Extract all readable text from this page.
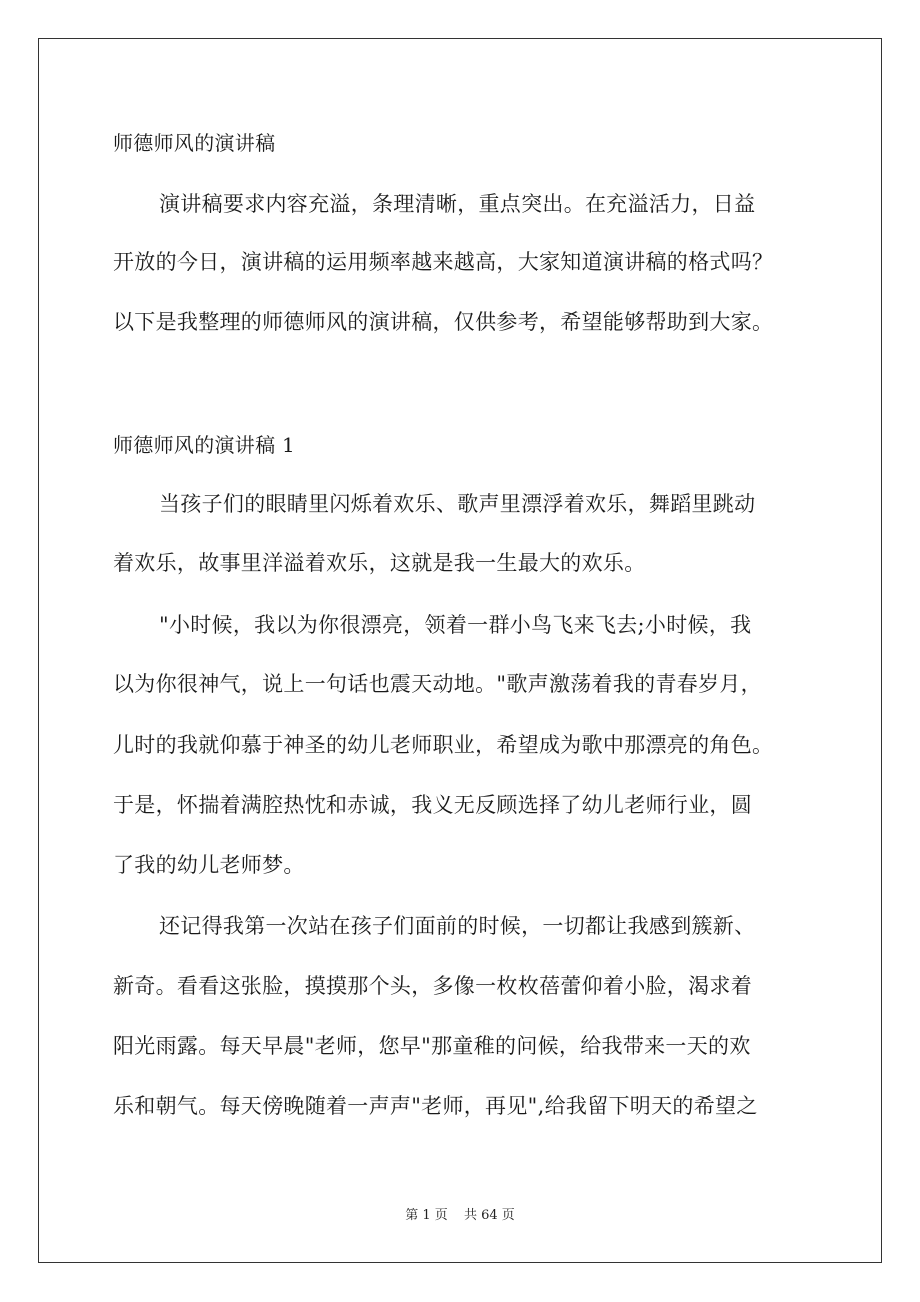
师德师风的演讲稿
演讲稿要求内容充溢，条理清晰，重点突出。在充溢活力，日益
开放的今日，演讲稿的运用频率越来越高，大家知道演讲稿的格式吗？
以下是我整理的师德师风的演讲稿，仅供参考，希望能够帮助到大家。
师德师风的演讲稿 1
当孩子们的眼睛里闪烁着欢乐、歌声里漂浮着欢乐，舞蹈里跳动
着欢乐，故事里洋溢着欢乐，这就是我一生最大的欢乐。
"小时候，我以为你很漂亮，领着一群小鸟飞来飞去;小时候，我
以为你很神气，说上一句话也震天动地。"歌声激荡着我的青春岁月，
儿时的我就仰慕于神圣的幼儿老师职业，希望成为歌中那漂亮的角色。
于是，怀揣着满腔热忱和赤诚，我义无反顾选择了幼儿老师行业，圆
了我的幼儿老师梦。
还记得我第一次站在孩子们面前的时候，一切都让我感到簇新、
新奇。看看这张脸，摸摸那个头，多像一枚枚蓓蕾仰着小脸，渴求着
阳光雨露。每天早晨"老师，您早"那童稚的问候，给我带来一天的欢
乐和朝气。每天傍晚随着一声声"老师，再见",给我留下明天的希望之
第 1 页 共 64 页
